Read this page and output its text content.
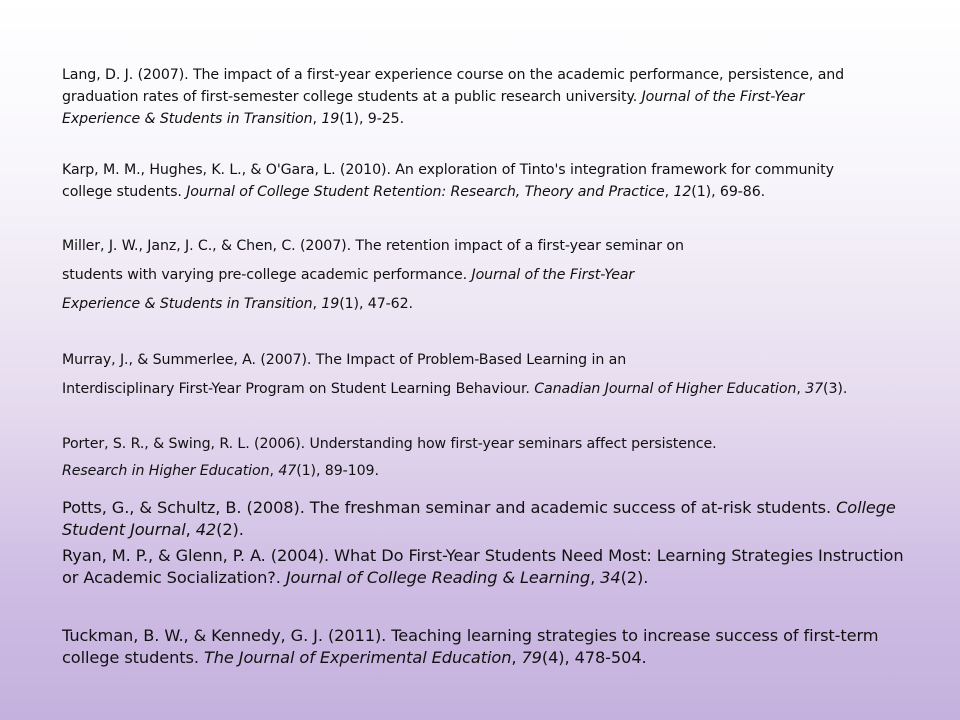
Lang, D. J. (2007). The impact of a first-year experience course on the academic performance, persistence, and
graduation rates of first-semester college students at a public research university. Journal of the First-Year
Experience & Students in Transition, 19(1), 9-25.
Karp, M. M., Hughes, K. L., & O'Gara, L. (2010). An exploration of Tinto's integration framework for community
college students. Journal of College Student Retention: Research, Theory and Practice, 12(1), 69-86.
Miller, J. W., Janz, J. C., & Chen, C. (2007). The retention impact of a first-year seminar on
students with varying pre-college academic performance. Journal of the First-Year
Experience & Students in Transition, 19(1), 47-62.
Murray, J., & Summerlee, A. (2007). The Impact of Problem-Based Learning in an
Interdisciplinary First-Year Program on Student Learning Behaviour. Canadian Journal of Higher Education, 37(3).
Porter, S. R., & Swing, R. L. (2006). Understanding how first-year seminars affect persistence.
Research in Higher Education, 47(1), 89-109.
Potts, G., & Schultz, B. (2008). The freshman seminar and academic success of at-risk students. College
Student Journal, 42(2).
Ryan, M. P., & Glenn, P. A. (2004). What Do First-Year Students Need Most: Learning Strategies Instruction
or Academic Socialization?. Journal of College Reading & Learning, 34(2).
Tuckman, B. W., & Kennedy, G. J. (2011). Teaching learning strategies to increase success of first-term
college students. The Journal of Experimental Education, 79(4), 478-504.
